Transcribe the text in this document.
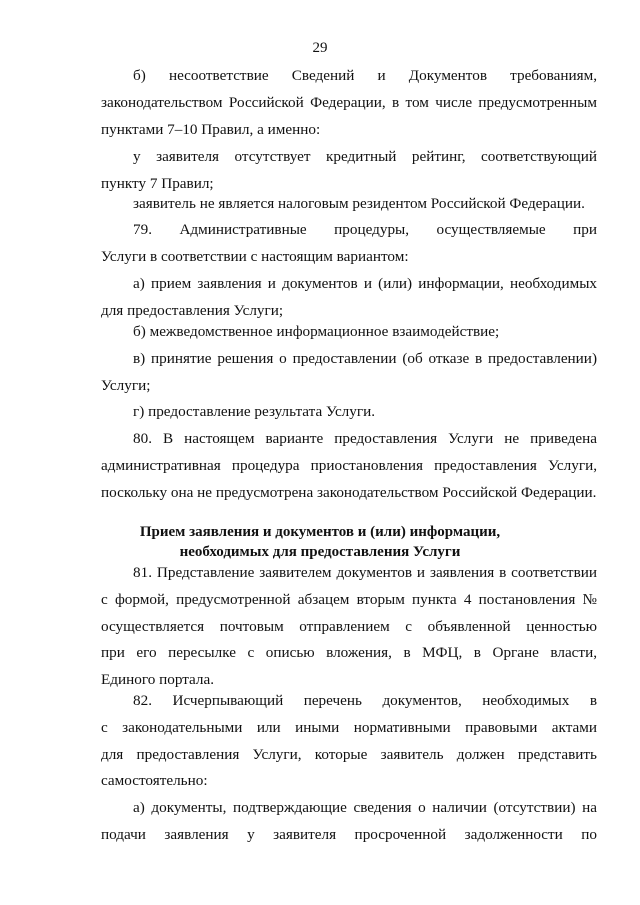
29
б) несоответствие Сведений и Документов требованиям,
законодательством Российской Федерации, в том числе предусмотренным
пунктами 7–10 Правил, а именно:
у заявителя отсутствует кредитный рейтинг, соответствующий
пункту 7 Правил;
заявитель не является налоговым резидентом Российской Федерации.
79. Административные процедуры, осуществляемые при
Услуги в соответствии с настоящим вариантом:
а) прием заявления и документов и (или) информации, необходимых
для предоставления Услуги;
б) межведомственное информационное взаимодействие;
в) принятие решения о предоставлении (об отказе в предоставлении)
Услуги;
г) предоставление результата Услуги.
80. В настоящем варианте предоставления Услуги не приведена
административная процедура приостановления предоставления Услуги,
поскольку она не предусмотрена законодательством Российской Федерации.
Прием заявления и документов и (или) информации,
необходимых для предоставления Услуги
81. Представление заявителем документов и заявления в соответствии
с формой, предусмотренной абзацем вторым пункта 4 постановления №
осуществляется почтовым отправлением с объявленной ценностью
при его пересылке с описью вложения, в МФЦ, в Органе власти,
Единого портала.
82. Исчерпывающий перечень документов, необходимых в
с законодательными или иными нормативными правовыми актами
для предоставления Услуги, которые заявитель должен представить
самостоятельно:
а) документы, подтверждающие сведения о наличии (отсутствии) на
подачи заявления у заявителя просроченной задолженности по
